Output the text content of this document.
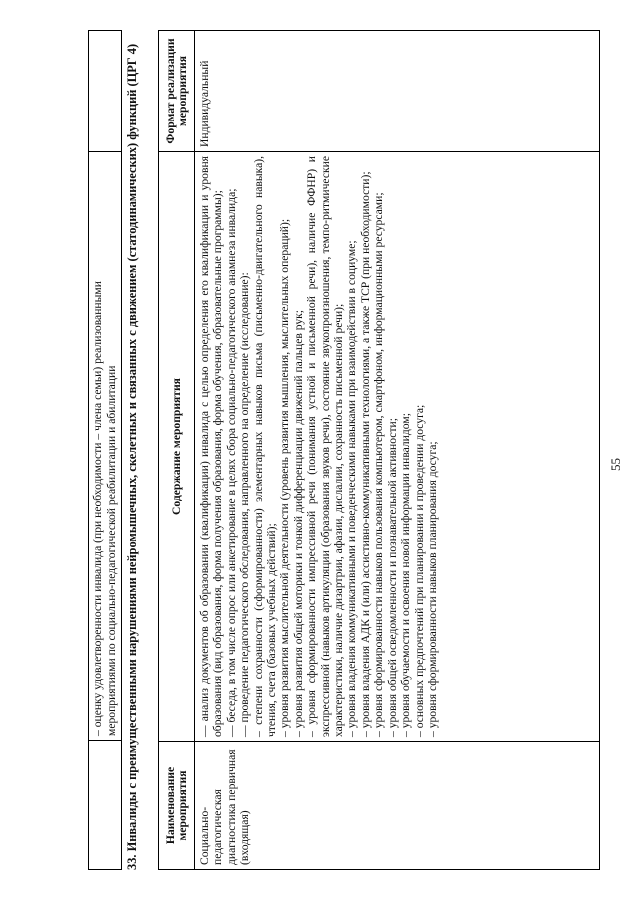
– оценку удовлетворенности инвалида (при необходимости – члена семьи) реализованными мероприятиями по социально-педагогической реабилитации и абилитации 33. Инвалиды с преимущественными нарушениями нейромышечных, скелетных и связанных с движением (статодинамических) функций (ЦРГ 4)	Наименование мероприятия
Содержание мероприятия
Формат реализации мероприятия
Социально-педагогическая диагностика первичная (входящая)
— анализ документов об образовании (квалификации) инвалида с целью определения его квалификации и уровня образования (вид образования, форма получения образования, форма обучения, образовательные программы); — беседа, в том числе опрос или анкетирование в целях сбора социально-педагогического анамнеза инвалида; — проведение педагогического обследования, направленного на определение (исследование): – степени сохранности (сформированности) элементарных навыков письма (письменно-двигательного навыка), чтения, счета (базовых учебных действий); – уровня развития мыслительной деятельности (уровень развития мышления, мыслительных операций); – уровня развития общей моторики и тонкой дифференциации движений пальцев рук; – уровня сформированности импрессивной речи (понимания устной и письменной речи), наличие ФФНР) и экспрессивной (навыков артикуляции (образования звуков речи), состояние звукопроизношения, темпо-ритмические характеристики, наличие дизартрии, афазии, дислалии, сохранность письменной речи); – уровня владения коммуникативными и поведенческими навыками при взаимодействии в социуме; – уровня владения АДК и (или) ассистивно-коммуникативными технологиями, а также ТСР (при необходимости); – уровня сформированности навыков пользования компьютером, смартфоном, информационными ресурсами; – уровня общей осведомленности и познавательной активности; – уровня обучаемости и освоения новой информации инвалидом; – основных предпочтений при планировании и проведении досуга; – уровня сформированности навыков планирования досуга;
Индивидуальный
55
